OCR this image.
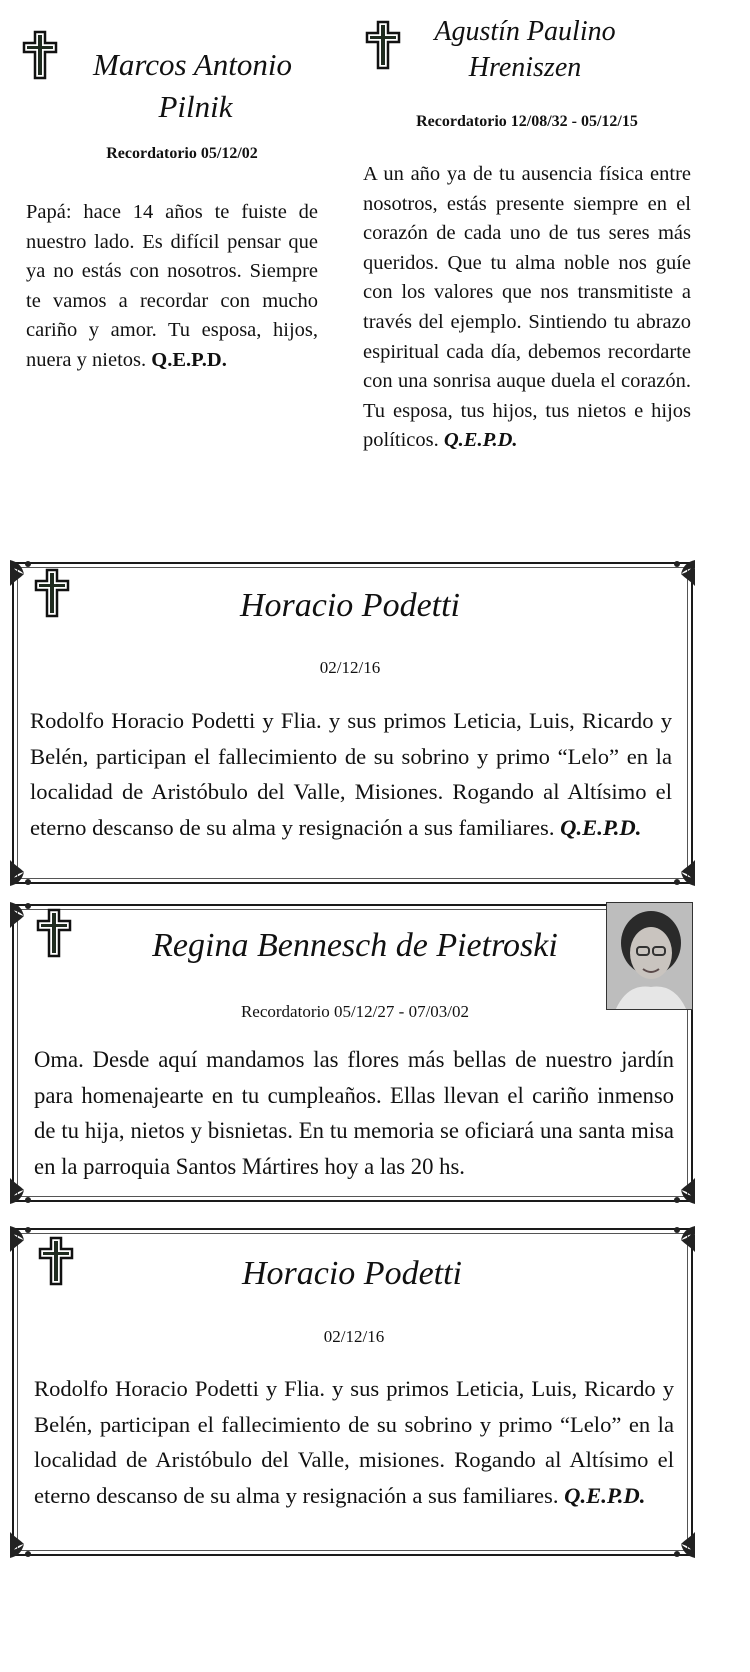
Marcos Antonio
Pilnik
Recordatorio 05/12/02
Papá: hace 14 años te fuiste de nuestro lado. Es difícil pensar que ya no estás con nosotros. Siempre te vamos a recordar con mucho cariño y amor. Tu esposa, hijos, nuera y nietos. Q.E.P.D.
Agustín Paulino
Hreniszen
Recordatorio 12/08/32 - 05/12/15
A un año ya de tu ausencia física entre nosotros, estás presente siempre en el corazón de cada uno de tus seres más queridos. Que tu alma noble nos guíe con los valores que nos transmitiste a través del ejemplo. Sintiendo tu abrazo espiritual cada día, debemos recordarte con una sonrisa auque duela el corazón. Tu esposa, tus hijos, tus nietos e hijos políticos. Q.E.P.D.
Horacio Podetti
02/12/16
Rodolfo Horacio Podetti y Flia. y sus primos Leticia, Luis, Ricardo y Belén, participan el fallecimiento de su sobrino y primo “Lelo” en la localidad de Aristóbulo del Valle, Misiones. Rogando al Altísimo el eterno descanso de su alma y resignación a sus familiares. Q.E.P.D.
Regina Bennesch de Pietroski
Recordatorio 05/12/27 - 07/03/02
Oma. Desde aquí mandamos las flores más bellas de nuestro jardín para homenajearte en tu cumpleaños. Ellas llevan el cariño inmenso de tu hija, nietos y bisnietas. En tu memoria se oficiará una santa misa en la parroquia Santos Mártires hoy a las 20 hs.
Horacio Podetti
02/12/16
Rodolfo Horacio Podetti y Flia. y sus primos Leticia, Luis, Ricardo y Belén, participan el fallecimiento de su sobrino y primo “Lelo” en la localidad de Aristóbulo del Valle, misiones. Rogando al Altísimo el eterno descanso de su alma y resignación a sus familiares. Q.E.P.D.
